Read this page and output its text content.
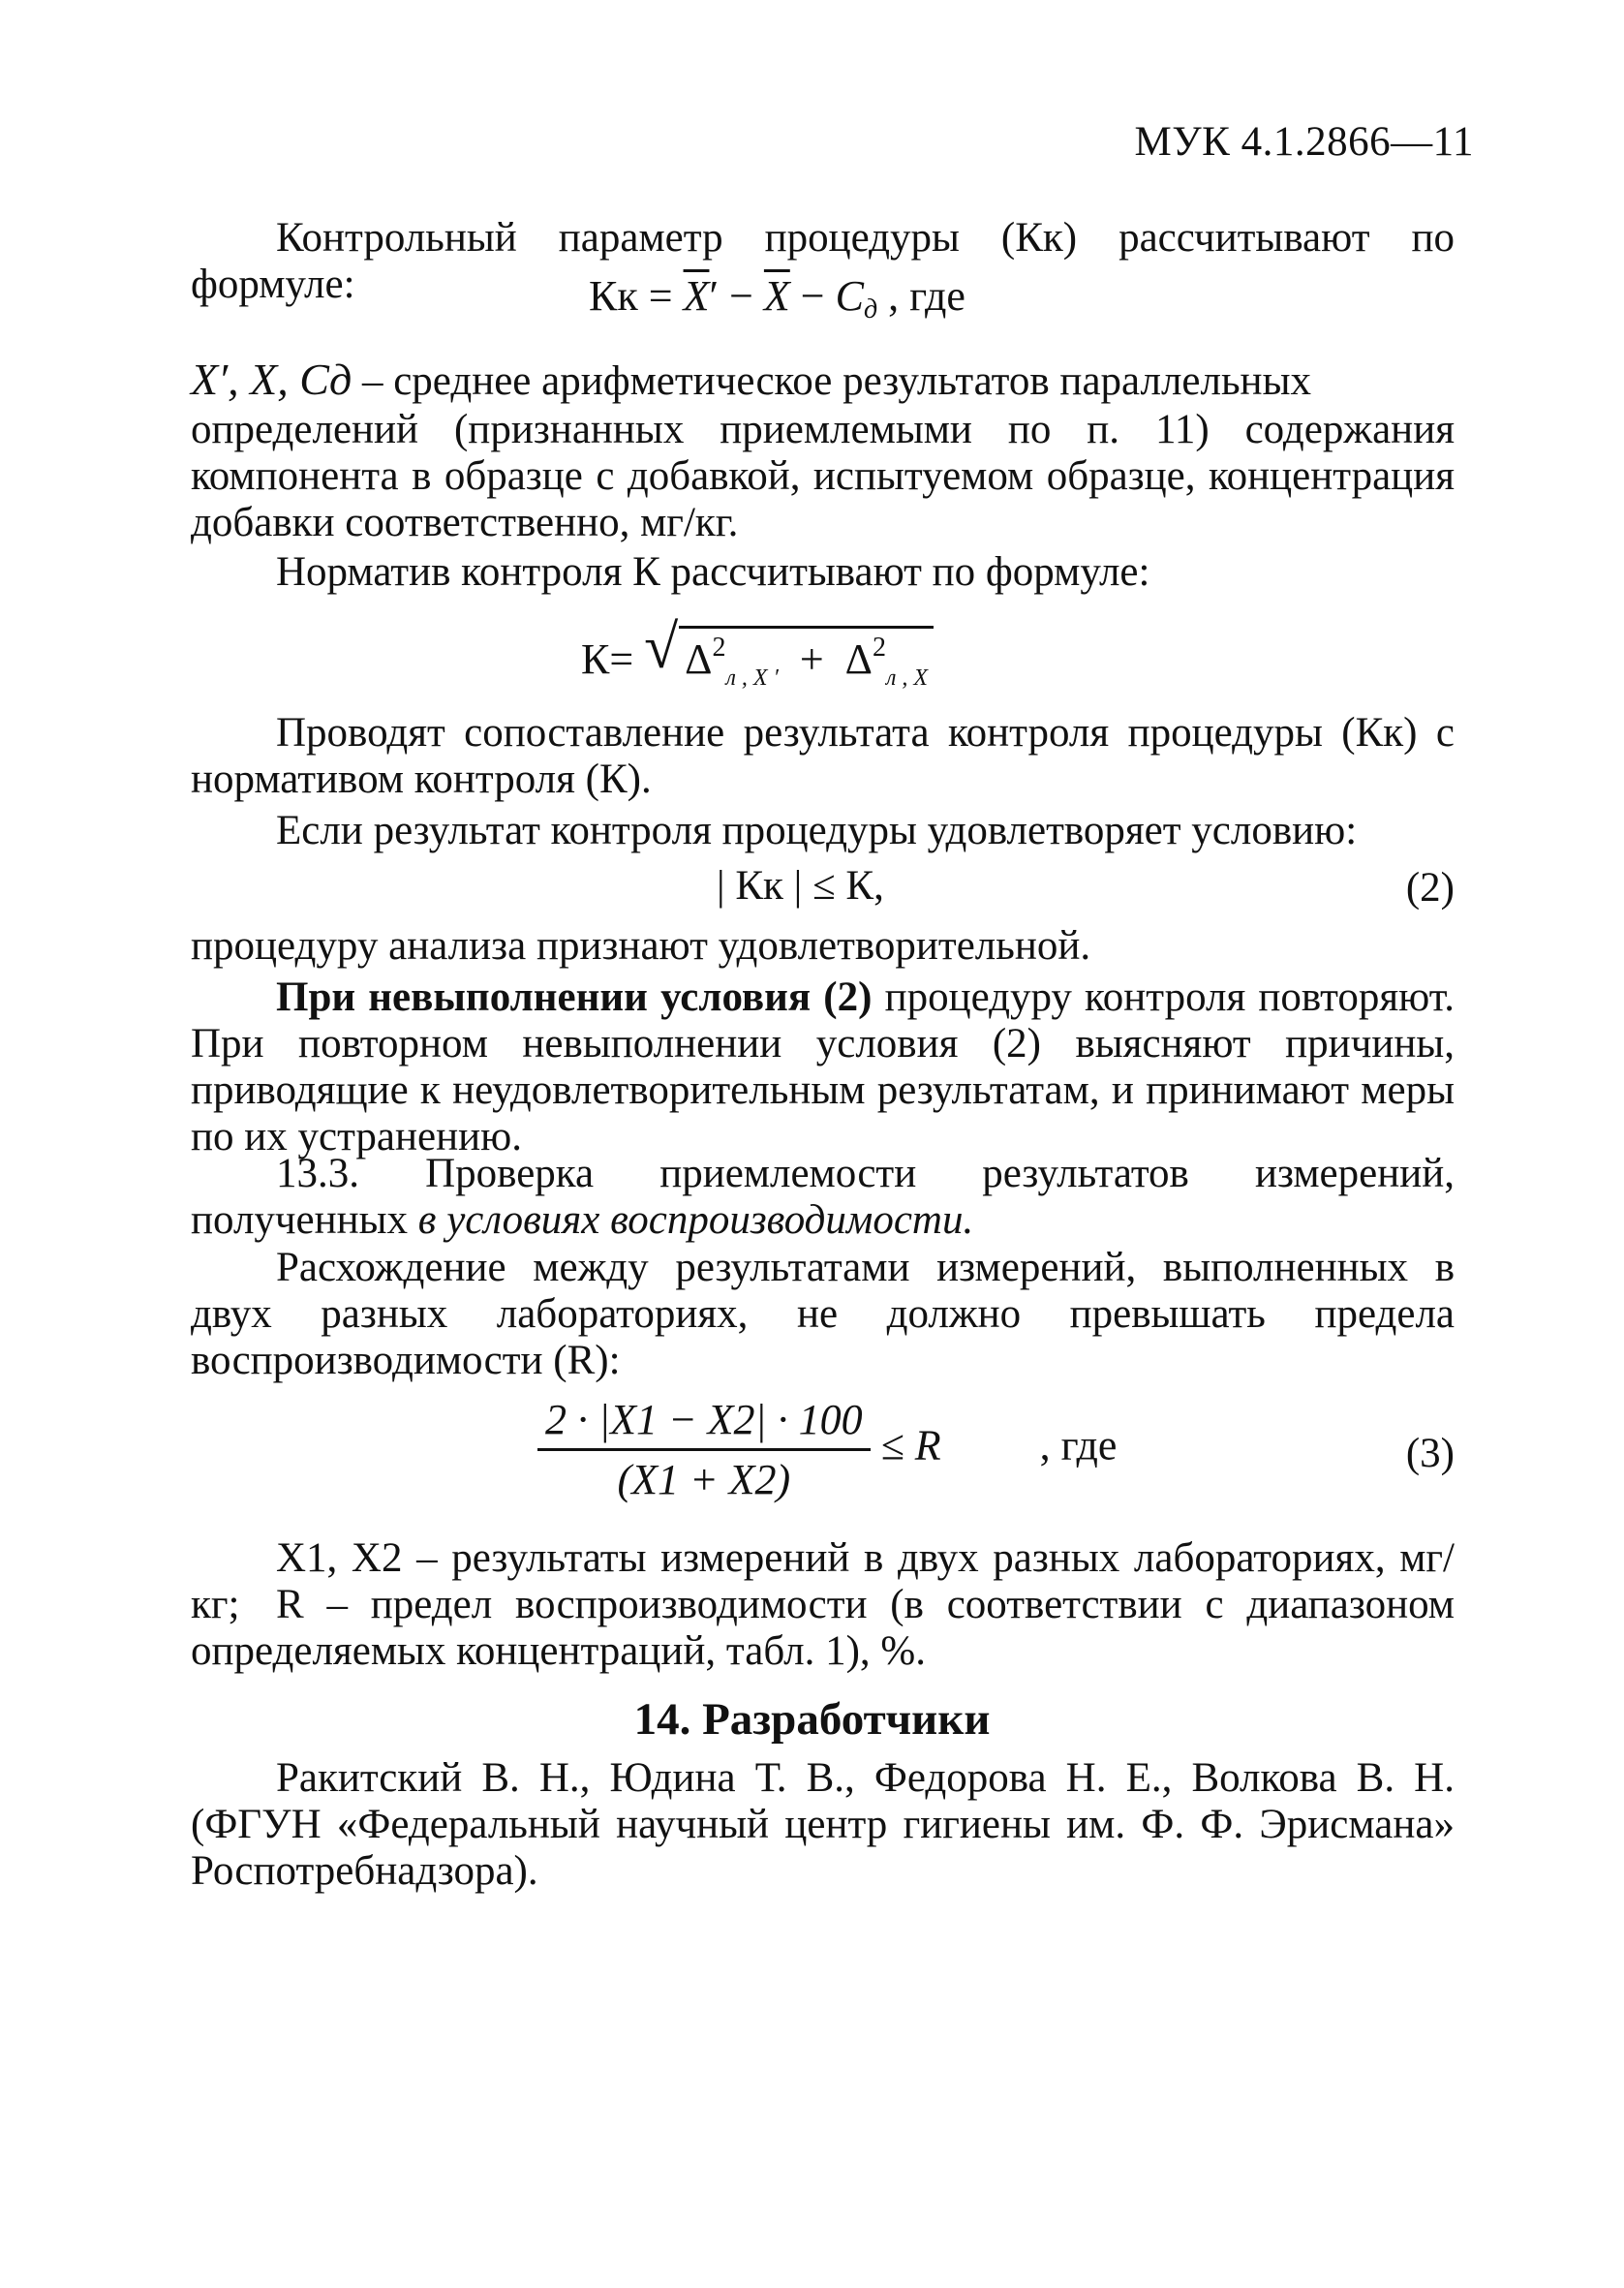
МУК 4.1.2866—11
Контрольный параметр процедуры (Кк) рассчитывают по формуле:	Кк = $\overline{X}' - \overline{X} - C_д$ , где
X′, X, Cд – среднее арифметическое результатов параллельных
определений (признанных приемлемыми по п. 11) содержания компонента в образце с добавкой, испытуемом образце, концентрация добавки соответственно, мг/кг.
Норматив контроля К рассчитывают по формуле:
К= √ $\Delta^2_{л , X '} + \Delta^2_{л , X}$
Проводят сопоставление результата контроля процедуры (Кк) с нормативом контроля (К).
Если результат контроля процедуры удовлетворяет условию:
| Кк | ≤ К,	(2)
процедуру анализа признают удовлетворительной.
При невыполнении условия (2) процедуру контроля повторяют. При повторном невыполнении условия (2) выясняют причины, приводящие к неудовлетворительным результатам, и принимают меры по их устранению.
13.3. Проверка приемлемости результатов измерений, полученных в условиях воспроизводимости.
Расхождение между результатами измерений, выполненных в двух разных лабораториях, не должно превышать предела воспроизводимости (R):
$\frac{2 \cdot |X1 - X2| \cdot 100}{(X1 + X2)} \le R$ , где	(3)
X1, X2 – результаты измерений в двух разных лабораториях, мг/кг; R – предел воспроизводимости (в соответствии с диапазоном определяемых концентраций, табл. 1), %.
14. Разработчики
Ракитский В. Н., Юдина Т. В., Федорова Н. Е., Волкова В. Н. (ФГУН «Федеральный научный центр гигиены им. Ф. Ф. Эрисмана» Роспотребнадзора).
